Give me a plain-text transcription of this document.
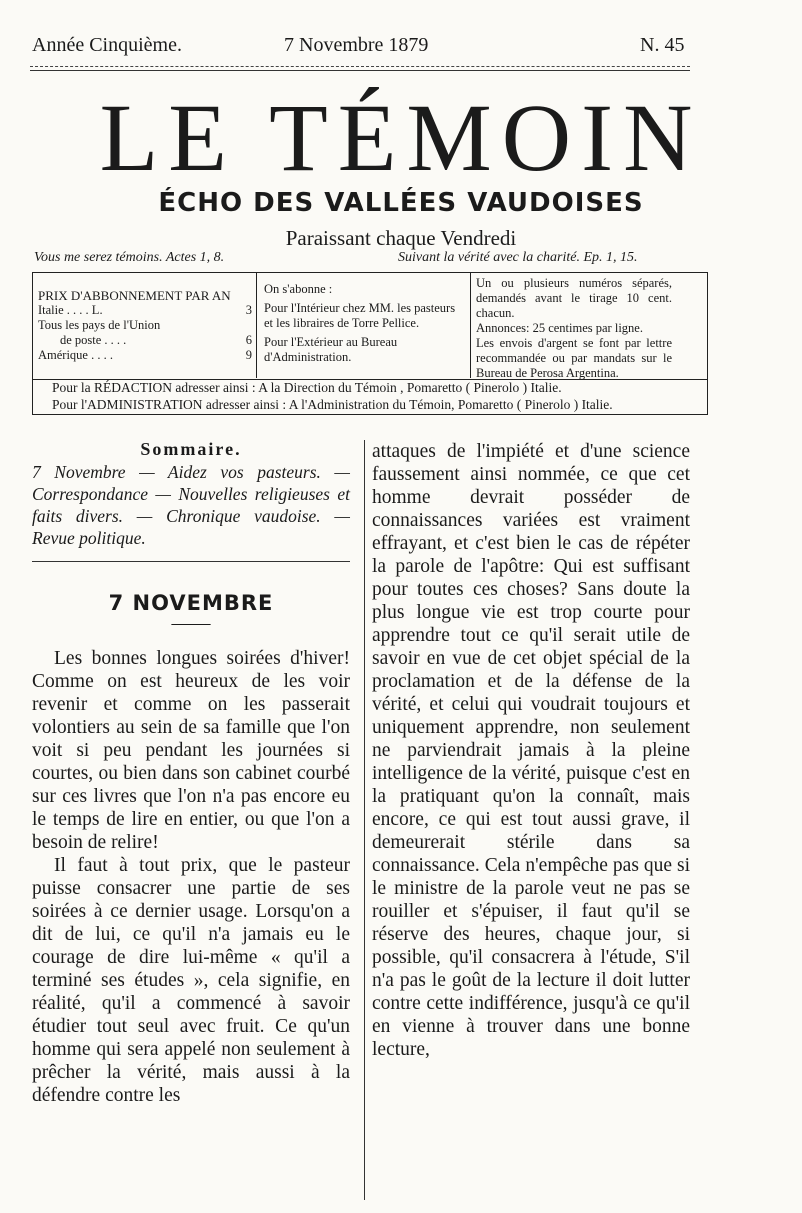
Année Cinquième.	7 Novembre 1879	N. 45
LE TÉMOIN
ÉCHO DES VALLÉES VAUDOISES
Paraissant chaque Vendredi
Vous me serez témoins. Actes 1, 8.	Suivant la vérité avec la charité. Ep. 1, 15.

PRIX D'ABBONNEMENT PAR AN

Italie . . . . L.	3
Tous les pays de l'Union
de poste . . . .	6
Amérique . . . .	9

On s'abonne :

Pour l'Intérieur chez MM. les pasteurs et les libraires de Torre Pellice.

Pour l'Extérieur au Bureau d'Administration.

Un ou plusieurs numéros séparés, demandés avant le tirage 10 cent. chacun.

Annonces: 25 centimes par ligne.

Les envois d'argent se font par lettre recommandée ou par mandats sur le Bureau de Perosa Argentina.

Pour la RÉDACTION adresser ainsi : A la Direction du Témoin , Pomaretto ( Pinerolo ) Italie.
Pour l'ADMINISTRATION adresser ainsi : A l'Administration du Témoin, Pomaretto ( Pinerolo ) Italie.

Sommaire.

7 Novembre — Aidez vos pasteurs. — Correspondance — Nouvelles religieuses et faits divers. — Chronique vaudoise. — Revue politique.

7 NOVEMBRE

——

Les bonnes longues soirées d'hiver! Comme on est heureux de les voir revenir et comme on les passerait volontiers au sein de sa famille que l'on voit si peu pendant les journées si courtes, ou bien dans son cabinet courbé sur ces livres que l'on n'a pas encore eu le temps de lire en entier, ou que l'on a besoin de relire!

Il faut à tout prix, que le pasteur puisse consacrer une partie de ses soirées à ce dernier usage. Lorsqu'on a dit de lui, ce qu'il n'a jamais eu le courage de dire lui-même « qu'il a terminé ses études », cela signifie, en réalité, qu'il a commencé à savoir étudier tout seul avec fruit. Ce qu'un homme qui sera appelé non seulement à prêcher la vérité, mais aussi à la défendre contre les

attaques de l'impiété et d'une science faussement ainsi nommée, ce que cet homme devrait posséder de connaissances variées est vraiment effrayant, et c'est bien le cas de répéter la parole de l'apôtre: Qui est suffisant pour toutes ces choses? Sans doute la plus longue vie est trop courte pour apprendre tout ce qu'il serait utile de savoir en vue de cet objet spécial de la proclamation et de la défense de la vérité, et celui qui voudrait toujours et uniquement apprendre, non seulement ne parviendrait jamais à la pleine intelligence de la vérité, puisque c'est en la pratiquant qu'on la connaît, mais encore, ce qui est tout aussi grave, il demeurerait stérile dans sa connaissance. Cela n'empêche pas que si le ministre de la parole veut ne pas se rouiller et s'épuiser, il faut qu'il se réserve des heures, chaque jour, si possible, qu'il consacrera à l'étude, S'il n'a pas le goût de la lecture il doit lutter contre cette indifférence, jusqu'à ce qu'il en vienne à trouver dans une bonne lecture,
